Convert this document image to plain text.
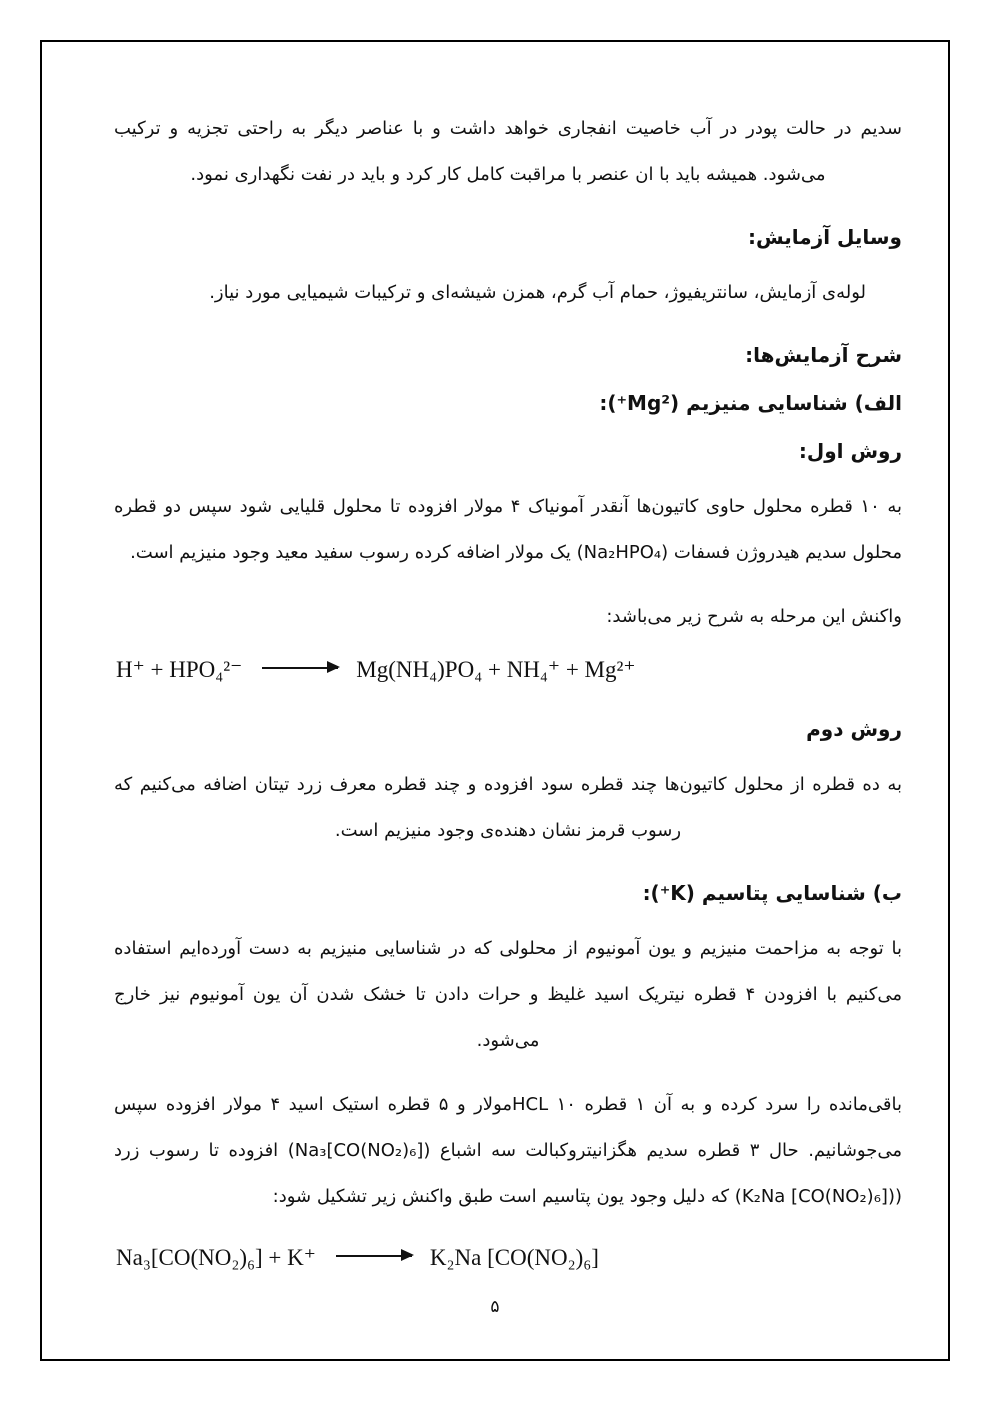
سدیم در حالت پودر در آب خاصیت انفجاری خواهد داشت و با عناصر دیگر به راحتی تجزیه و ترکیب می‌شود. همیشه باید با ان عنصر با مراقبت کامل کار کرد و باید در نفت نگهداری نمود.

وسایل آزمایش:

لوله‌ی آزمایش، سانتریفیوژ، حمام آب گرم، همزن شیشه‌ای و ترکیبات شیمیایی مورد نیاز.

شرح آزمایش‌ها:
الف) شناسایی منیزیم (Mg²⁺):
روش اول:

به ۱۰ قطره محلول حاوی کاتیون‌ها آنقدر آمونیاک ۴ مولار افزوده تا محلول قلیایی شود سپس دو قطره محلول سدیم هیدروژن فسفات (Na₂HPO₄) یک مولار اضافه کرده رسوب سفید معید وجود منیزیم است.

واکنش این مرحله به شرح زیر می‌باشد:

H⁺ + HPO₄²⁻ → Mg(NH₄)PO₄ + NH₄⁺ + Mg²⁺
روش دوم

به ده قطره از محلول کاتیون‌ها چند قطره سود افزوده و چند قطره معرف زرد تیتان اضافه می‌کنیم که رسوب قرمز نشان دهنده‌ی وجود منیزیم است.

ب) شناسایی پتاسیم (K⁺):

با توجه به مزاحمت منیزیم و یون آمونیوم از محلولی که در شناسایی منیزیم به دست آورده‌ایم استفاده می‌کنیم با افزودن ۴ قطره نیتریک اسید غلیظ و حرات دادن تا خشک شدن آن یون آمونیوم نیز خارج می‌شود.

باقی‌مانده را سرد کرده و به آن ۱ قطره HCL ۱۰مولار و ۵ قطره استیک اسید ۴ مولار افزوده سپس می‌جوشانیم. حال ۳ قطره سدیم هگزانیتروکبالت سه اشباع (Na₃[CO(NO₂)₆]) افزوده تا رسوب زرد ((K₂Na [CO(NO₂)₆]) که دلیل وجود یون پتاسیم است طبق واکنش زیر تشکیل شود:

Na₃[CO(NO₂)₆] + K⁺ → K₂Na [CO(NO₂)₆]
۵
